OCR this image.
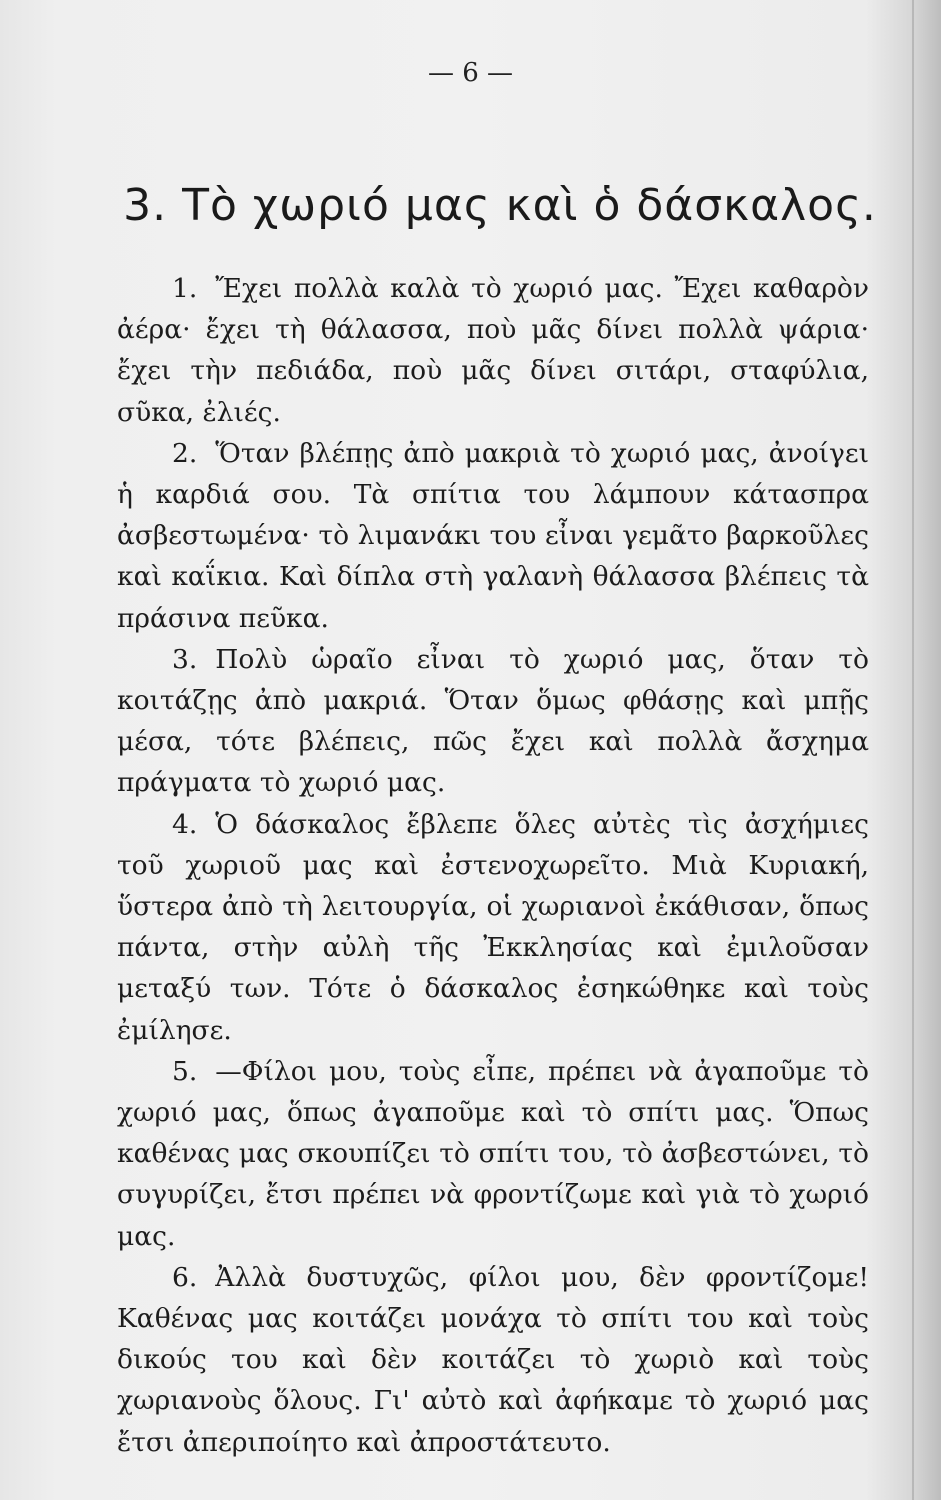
— 6 —
3. Τὸ χωριό μας καὶ ὁ δάσκαλος.

1. Ἔχει πολλὰ καλὰ τὸ χωριό μας. Ἔχει καθαρὸν ἀέρα· ἔχει τὴ θάλασσα, ποὺ μᾶς δίνει πολλὰ ψάρια· ἔχει τὴν πεδιάδα, ποὺ μᾶς δίνει σιτάρι, σταφύλια, σῦκα, ἐλιές.

2. Ὅταν βλέπῃς ἀπὸ μακριὰ τὸ χωριό μας, ἀνοίγει ἡ καρδιά σου. Τὰ σπίτια του λάμπουν κάτασπρα ἀσβεστωμένα· τὸ λιμανάκι του εἶναι γεμᾶτο βαρκοῦλες καὶ καΐκια. Καὶ δίπλα στὴ γαλανὴ θάλασσα βλέπεις τὰ πράσινα πεῦκα.

3. Πολὺ ὡραῖο εἶναι τὸ χωριό μας, ὅταν τὸ κοιτάζῃς ἀπὸ μακριά. Ὅταν ὅμως φθάσῃς καὶ μπῇς μέσα, τότε βλέπεις, πῶς ἔχει καὶ πολλὰ ἄσχημα πράγματα τὸ χωριό μας.

4. Ὁ δάσκαλος ἔβλεπε ὅλες αὐτὲς τὶς ἀσχήμιες τοῦ χωριοῦ μας καὶ ἐστενοχωρεῖτο. Μιὰ Κυριακή, ὕστερα ἀπὸ τὴ λειτουργία, οἱ χωριανοὶ ἐκάθισαν, ὅπως πάντα, στὴν αὐλὴ τῆς Ἐκκλησίας καὶ ἐμιλοῦσαν μεταξύ των. Τότε ὁ δάσκαλος ἐσηκώθηκε καὶ τοὺς ἐμίλησε.

5. —Φίλοι μου, τοὺς εἶπε, πρέπει νὰ ἀγαποῦμε τὸ χωριό μας, ὅπως ἀγαποῦμε καὶ τὸ σπίτι μας. Ὅπως καθένας μας σκουπίζει τὸ σπίτι του, τὸ ἀσβεστώνει, τὸ συγυρίζει, ἔτσι πρέπει νὰ φροντίζωμε καὶ γιὰ τὸ χωριό μας.

6. Ἀλλὰ δυστυχῶς, φίλοι μου, δὲν φροντίζομε! Καθένας μας κοιτάζει μονάχα τὸ σπίτι του καὶ τοὺς δικούς του καὶ δὲν κοιτάζει τὸ χωριὸ καὶ τοὺς χωριανοὺς ὅλους. Γι' αὐτὸ καὶ ἀφήκαμε τὸ χωριό μας ἔτσι ἀπεριποίητο καὶ ἀπροστάτευτο.
